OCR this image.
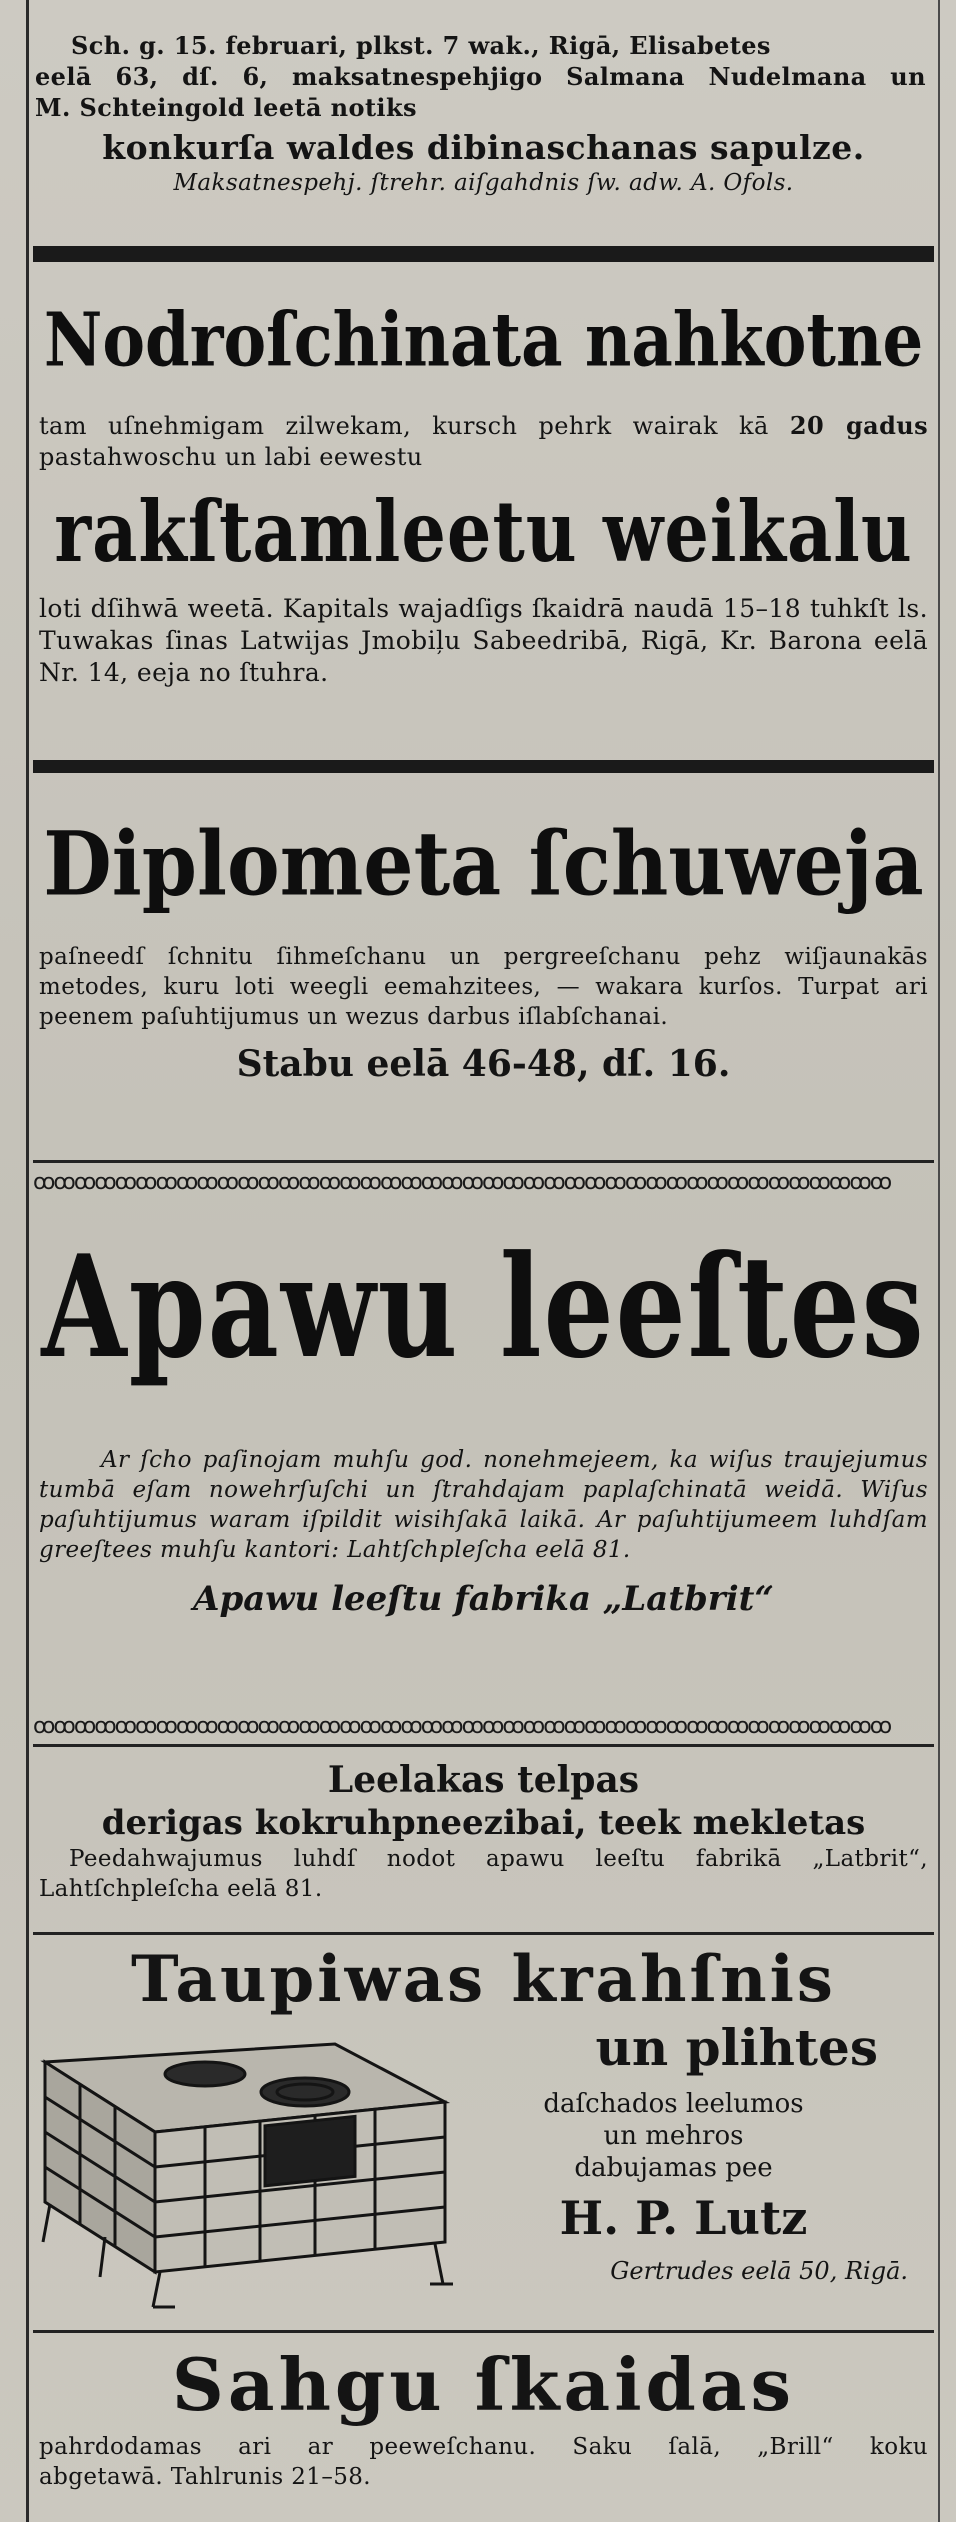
Sch. g. 15. februari, plkst. 7 wak., Rigā, Elisabetes
eelā 63, dſ. 6, maksatnespehjigo Salmana Nudelmana un
M. Schteingold leetā notiks
konkurſa waldes dibinaschanas sapulze.
Maksatnespehj. ſtrehr. aiſgahdnis ſw. adw. A. Ofols.
Nodroſchinata nahkotne
tam uſnehmigam zilwekam, kursch pehrk wairak kā 20 gadus
pastahwoschu un labi eewestu
rakſtamleetu weikalu
loti dſihwā weetā. Kapitals wajadſigs ſkaidrā naudā 15–18 tuhkſt ls. Tuwakas ſinas Latwijas Jmobiļu Sabeedribā, Rigā, Kr. Barona eelā Nr. 14, eeja no ſtuhra.
Diplometa ſchuweja
paſneedſ ſchnitu ſihmeſchanu un pergreeſchanu pehz wiſjaunakās metodes, kuru loti weegli eemahzitees, — wakara kurſos. Turpat ari peenem paſuhtijumus un wezus darbus iſlabſchanai.
Stabu eelā 46-48, dſ. 16.
ꝏꝏꝏꝏꝏꝏꝏꝏꝏꝏꝏꝏꝏꝏꝏꝏꝏꝏꝏꝏꝏꝏꝏꝏꝏꝏꝏꝏꝏꝏꝏꝏꝏꝏꝏꝏꝏꝏꝏꝏꝏꝏ
Apawu leeſtes
Ar ſcho paſinojam muhſu god. nonehmejeem, ka wiſus traujejumus tumbā eſam nowehrſuſchi un ſtrahdajam paplaſchinatā weidā. Wiſus paſuhtijumus waram iſpildit wisihſakā laikā. Ar paſuhtijumeem luhdſam greeſtees muhſu kantori: Lahtſchpleſcha eelā 81.
Apawu leeſtu fabrika „Latbrit“
ꝏꝏꝏꝏꝏꝏꝏꝏꝏꝏꝏꝏꝏꝏꝏꝏꝏꝏꝏꝏꝏꝏꝏꝏꝏꝏꝏꝏꝏꝏꝏꝏꝏꝏꝏꝏꝏꝏꝏꝏꝏꝏ
Leelakas telpas
derigas kokruhpneezibai, teek mekletas
Peedahwajumus luhdſ nodot apawu leeſtu fabrikā „Latbrit“, Lahtſchpleſcha eelā 81.
Taupiwas krahſnis
un plihtes
daſchados leelumos
un mehros
dabujamas pee
H. P. Lutz
Gertrudes eelā 50, Rigā.
Sahgu ſkaidas
pahrdodamas ari ar peeweſchanu. Saku ſalā, „Brill“ koku
abgetawā. Tahlrunis 21–58.
